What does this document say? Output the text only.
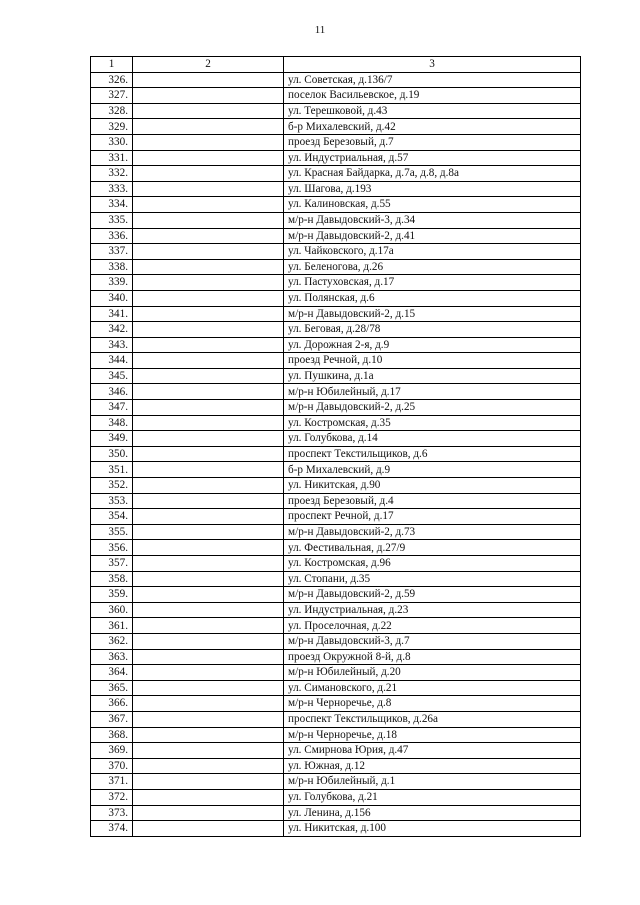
11
1	2	3
326.		ул. Советская, д.136/7
327.		поселок Васильевское, д.19
328.		ул. Терешковой, д.43
329.		б-р Михалевский, д.42
330.		проезд Березовый, д.7
331.		ул. Индустриальная, д.57
332.		ул. Красная Байдарка, д.7а, д.8, д.8а
333.		ул. Шагова, д.193
334.		ул. Калиновская, д.55
335.		м/р-н Давыдовский-3, д.34
336.		м/р-н Давыдовский-2, д.41
337.		ул. Чайковского, д.17а
338.		ул. Беленогова, д.26
339.		ул. Пастуховская, д.17
340.		ул. Полянская, д.6
341.		м/р-н Давыдовский-2, д.15
342.		ул. Беговая, д.28/78
343.		ул. Дорожная 2-я, д.9
344.		проезд Речной, д.10
345.		ул. Пушкина, д.1а
346.		м/р-н Юбилейный, д.17
347.		м/р-н Давыдовский-2, д.25
348.		ул. Костромская, д.35
349.		ул. Голубкова, д.14
350.		проспект Текстильщиков, д.6
351.		б-р Михалевский, д.9
352.		ул. Никитская, д.90
353.		проезд Березовый, д.4
354.		проспект Речной, д.17
355.		м/р-н Давыдовский-2, д.73
356.		ул. Фестивальная, д.27/9
357.		ул. Костромская, д.96
358.		ул. Стопани, д.35
359.		м/р-н Давыдовский-2, д.59
360.		ул. Индустриальная, д.23
361.		ул. Проселочная, д.22
362.		м/р-н Давыдовский-3, д.7
363.		проезд Окружной 8-й, д.8
364.		м/р-н Юбилейный, д.20
365.		ул. Симановского, д.21
366.		м/р-н Черноречье, д.8
367.		проспект Текстильщиков, д.26а
368.		м/р-н Черноречье, д.18
369.		ул. Смирнова Юрия, д.47
370.		ул. Южная, д.12
371.		м/р-н Юбилейный, д.1
372.		ул. Голубкова, д.21
373.		ул. Ленина, д.156
374.		ул. Никитская, д.100
